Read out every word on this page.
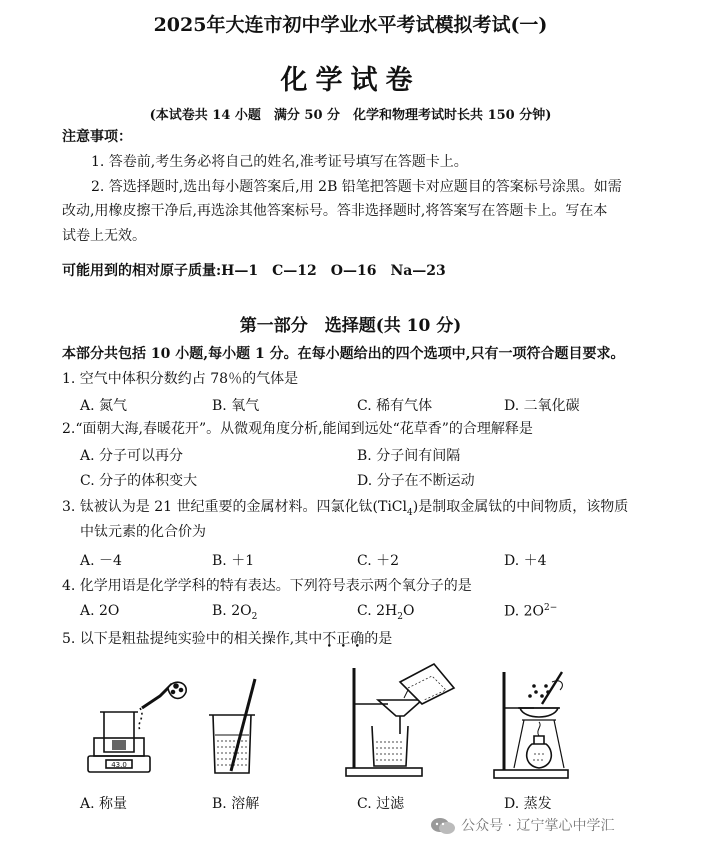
2025年大连市初中学业水平考试模拟考试(一)
化学试卷
(本试卷共 14 小题　满分 50 分　化学和物理考试时长共 150 分钟)
注意事项：
1. 答卷前,考生务必将自己的姓名,准考证号填写在答题卡上。
2. 答选择题时,选出每小题答案后,用 2B 铅笔把答题卡对应题目的答案标号涂黑。如需
改动,用橡皮擦干净后,再选涂其他答案标号。答非选择题时,将答案写在答题卡上。写在本
试卷上无效。
可能用到的相对原子质量:H—1　C—12　O—16　Na—23
第一部分　选择题(共 10 分)
本部分共包括 10 小题,每小题 1 分。在每小题给出的四个选项中,只有一项符合题目要求。
1. 空气中体积分数约占 78％的气体是
A. 氮气	B. 氧气	C. 稀有气体	D. 二氧化碳
2.“面朝大海,春暖花开”。从微观角度分析,能闻到远处“花草香”的合理解释是
A. 分子可以再分	B. 分子间有间隔
C. 分子的体积变大	D. 分子在不断运动
3. 钛被认为是 21 世纪重要的金属材料。四氯化钛(TiCl$_4$)是制取金属钛的中间物质，该物质
中钛元素的化合价为
A. －4	B. ＋1	C. ＋2	D. ＋4
4. 化学用语是化学学科的特有表达。下列符号表示两个氧分子的是
A. 2O	B. $2O_2$	C. $2H_2O$	D. $2O^{2-}$
5. 以下是粗盐提纯实验中的相关操作,其中不正确的是
43.0
A. 称量	B. 溶解	C. 过滤	D. 蒸发
公众号 · 辽宁掌心中学汇
